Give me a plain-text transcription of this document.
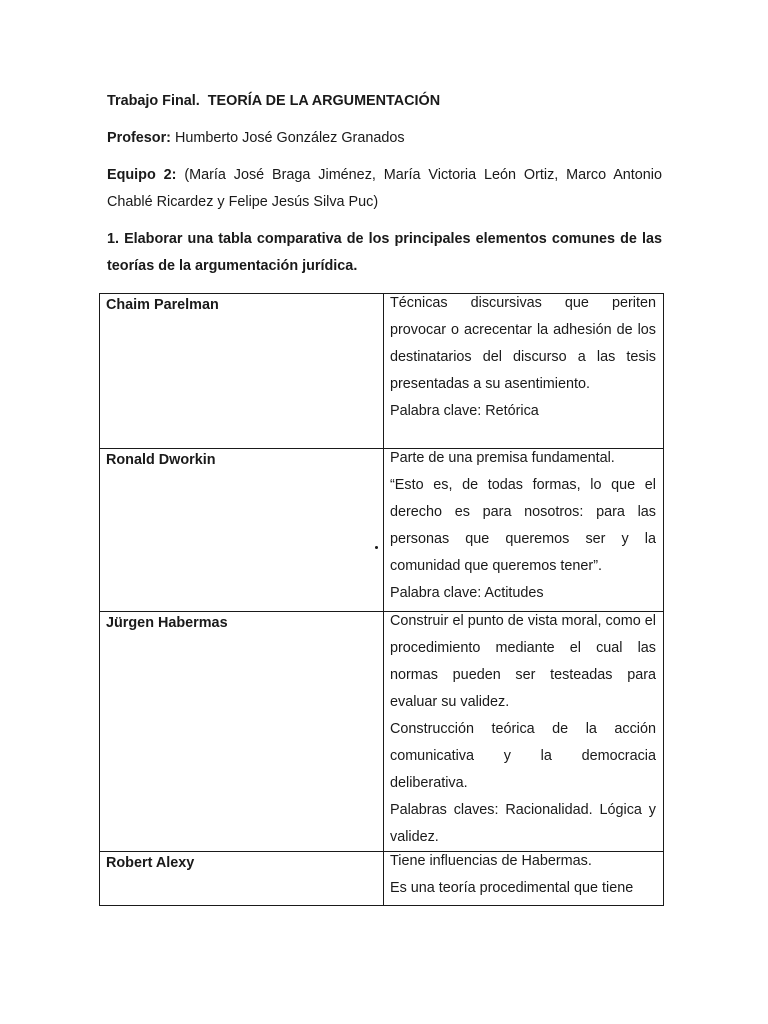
Trabajo Final. TEORÍA DE LA ARGUMENTACIÓN
Profesor: Humberto José González Granados
Equipo 2: (María José Braga Jiménez, María Victoria León Ortiz, Marco Antonio Chablé Ricardez y Felipe Jesús Silva Puc)
1. Elaborar una tabla comparativa de los principales elementos comunes de las teorías de la argumentación jurídica.
Chaim Parelman	Técnicas discursivas que periten provocar o acrecentar la adhesión de los destinatarios del discurso a las tesis presentadas a su asentimiento.
Palabra clave: Retórica

Ronald Dworkin	Parte de una premisa fundamental.
“Esto es, de todas formas, lo que el derecho es para nosotros: para las personas que queremos ser y la comunidad que queremos tener”.
Palabra clave: Actitudes

Jürgen Habermas	Construir el punto de vista moral, como el procedimiento mediante el cual las normas pueden ser testeadas para evaluar su validez.
Construcción teórica de la acción comunicativa y la democracia deliberativa.
Palabras claves: Racionalidad. Lógica y validez.

Robert Alexy	Tiene influencias de Habermas.
Es una teoría procedimental que tiene
